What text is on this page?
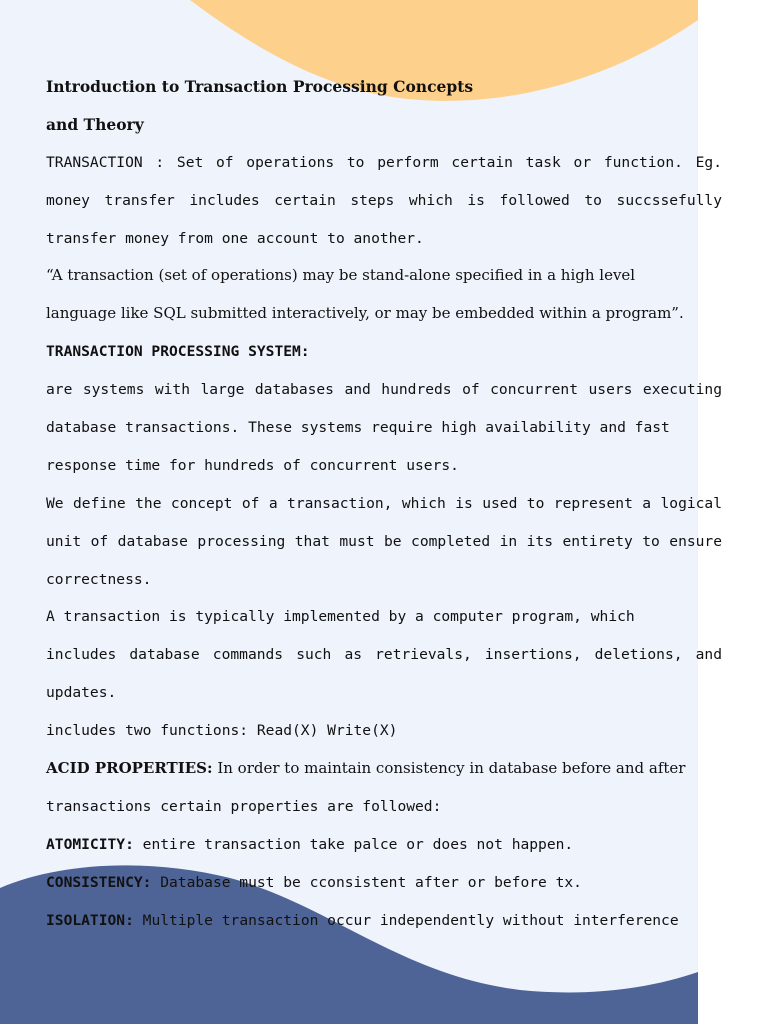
Introduction to Transaction Processing Concepts
and Theory
TRANSACTION : Set of operations to perform certain task or function. Eg.
money transfer includes certain steps which is followed to succssefully
transfer money from one account to another.
“A transaction (set of operations) may be stand-alone specified in a high level
language like SQL submitted interactively, or may be embedded within a program”.
TRANSACTION PROCESSING SYSTEM:
are systems with large databases and hundreds of concurrent users executing
database transactions. These systems require high availability and fast
response time for hundreds of concurrent users.
We define the concept of a transaction, which is used to represent a logical
unit of database processing that must be completed in its entirety to ensure
correctness.
A transaction is typically implemented by a computer program, which
includes database commands such as retrievals, insertions, deletions, and
updates.
includes two functions: Read(X) Write(X)
ACID PROPERTIES: In order to maintain consistency in database before and after
transactions certain properties are followed:
ATOMICITY: entire transaction take palce or does not happen.
CONSISTENCY: Database must be cconsistent after or before tx.
ISOLATION: Multiple transaction occur independently without interference
